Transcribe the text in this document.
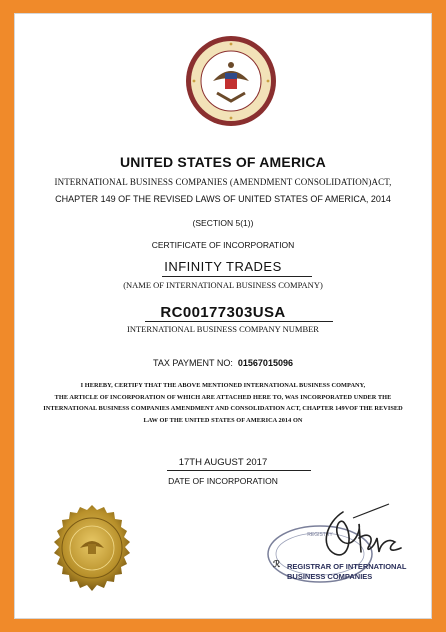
UNITED STATES OF AMERICA
INTERNATIONAL BUSINESS COMPANIES (AMENDMENT CONSOLIDATION)ACT,
CHAPTER 149 OF THE REVISED LAWS OF UNITED STATES OF AMERICA, 2014
(SECTION 5(1))
CERTIFICATE OF INCORPORATION
INFINITY TRADES
(NAME OF INTERNATIONAL BUSINESS COMPANY)
RC00177303USA
INTERNATIONAL BUSINESS COMPANY NUMBER
TAX PAYMENT NO: 01567015096
I HEREBY, CERTIFY THAT THE ABOVE MENTIONED INTERNATIONAL BUSINESS COMPANY,
THE ARTICLE OF INCORPORATION OF WHICH ARE ATTACHED HERE TO, WAS INCORPORATED UNDER THE
INTERNATIONAL BUSINESS COMPANIES AMENDMENT AND CONSOLIDATION ACT, CHAPTER 149VOF THE REVISED
LAW OF THE UNITED STATES OF AMERICA 2014 ON
17TH AUGUST 2017
DATE OF INCORPORATION
REGISTRY
ℛ REGISTRAR OF INTERNATIONAL
BUSINESS COMPANIES
